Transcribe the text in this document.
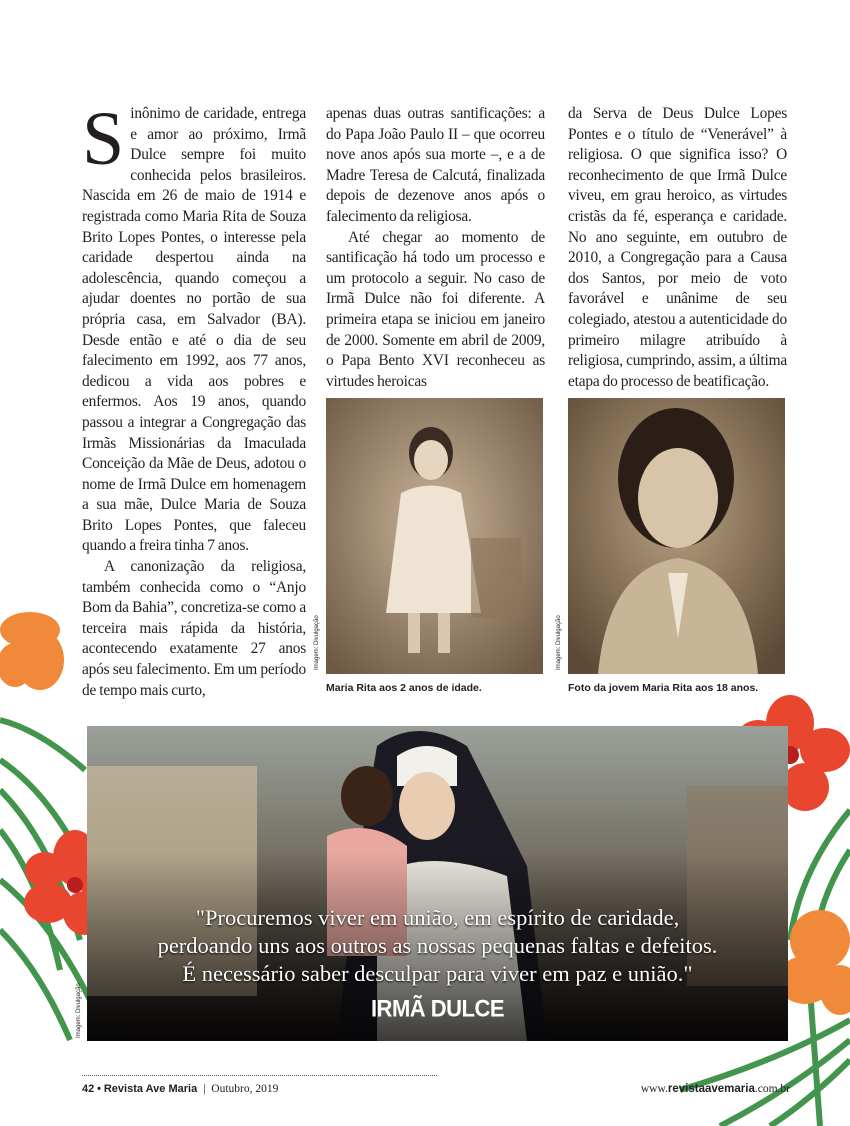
Sinônimo de caridade, entrega e amor ao próximo, Irmã Dulce sempre foi muito conhecida pelos brasileiros. Nascida em 26 de maio de 1914 e registrada como Maria Rita de Souza Brito Lopes Pontes, o interesse pela caridade despertou ainda na adolescência, quando começou a ajudar doentes no portão de sua própria casa, em Salvador (BA). Desde então e até o dia de seu falecimento em 1992, aos 77 anos, dedicou a vida aos pobres e enfermos. Aos 19 anos, quando passou a integrar a Congregação das Irmãs Missionárias da Imaculada Conceição da Mãe de Deus, adotou o nome de Irmã Dulce em homenagem a sua mãe, Dulce Maria de Souza Brito Lopes Pontes, que faleceu quando a freira tinha 7 anos.

A canonização da religiosa, também conhecida como o “Anjo Bom da Bahia”, concretiza-se como a terceira mais rápida da história, acontecendo exatamente 27 anos após seu falecimento. Em um período de tempo mais curto,

apenas duas outras santificações: a do Papa João Paulo II – que ocorreu nove anos após sua morte –, e a de Madre Teresa de Calcutá, finalizada depois de dezenove anos após o falecimento da religiosa.

Até chegar ao momento de santificação há todo um processo e um protocolo a seguir. No caso de Irmã Dulce não foi diferente. A primeira etapa se iniciou em janeiro de 2000. Somente em abril de 2009, o Papa Bento XVI reconheceu as virtudes heroicas

da Serva de Deus Dulce Lopes Pontes e o título de “Venerável” à religiosa. O que significa isso? O reconhecimento de que Irmã Dulce viveu, em grau heroico, as virtudes cristãs da fé, esperança e caridade. No ano seguinte, em outubro de 2010, a Congregação para a Causa dos Santos, por meio de voto favorável e unânime de seu colegiado, atestou a autenticidade do primeiro milagre atribuído à religiosa, cumprindo, assim, a última etapa do processo de beatificação.

Imagem: Divulgação
Maria Rita aos 2 anos de idade.
Imagem: Divulgação
Foto da jovem Maria Rita aos 18 anos.
"Procuremos viver em união, em espírito de caridade,
perdoando uns aos outros as nossas pequenas faltas e defeitos.
É necessário saber desculpar para viver em paz e união."
IRMÃ DULCE
Imagem: Divulgação
42 • Revista Ave Maria | Outubro, 2019	www.revistaavemaria.com.br
